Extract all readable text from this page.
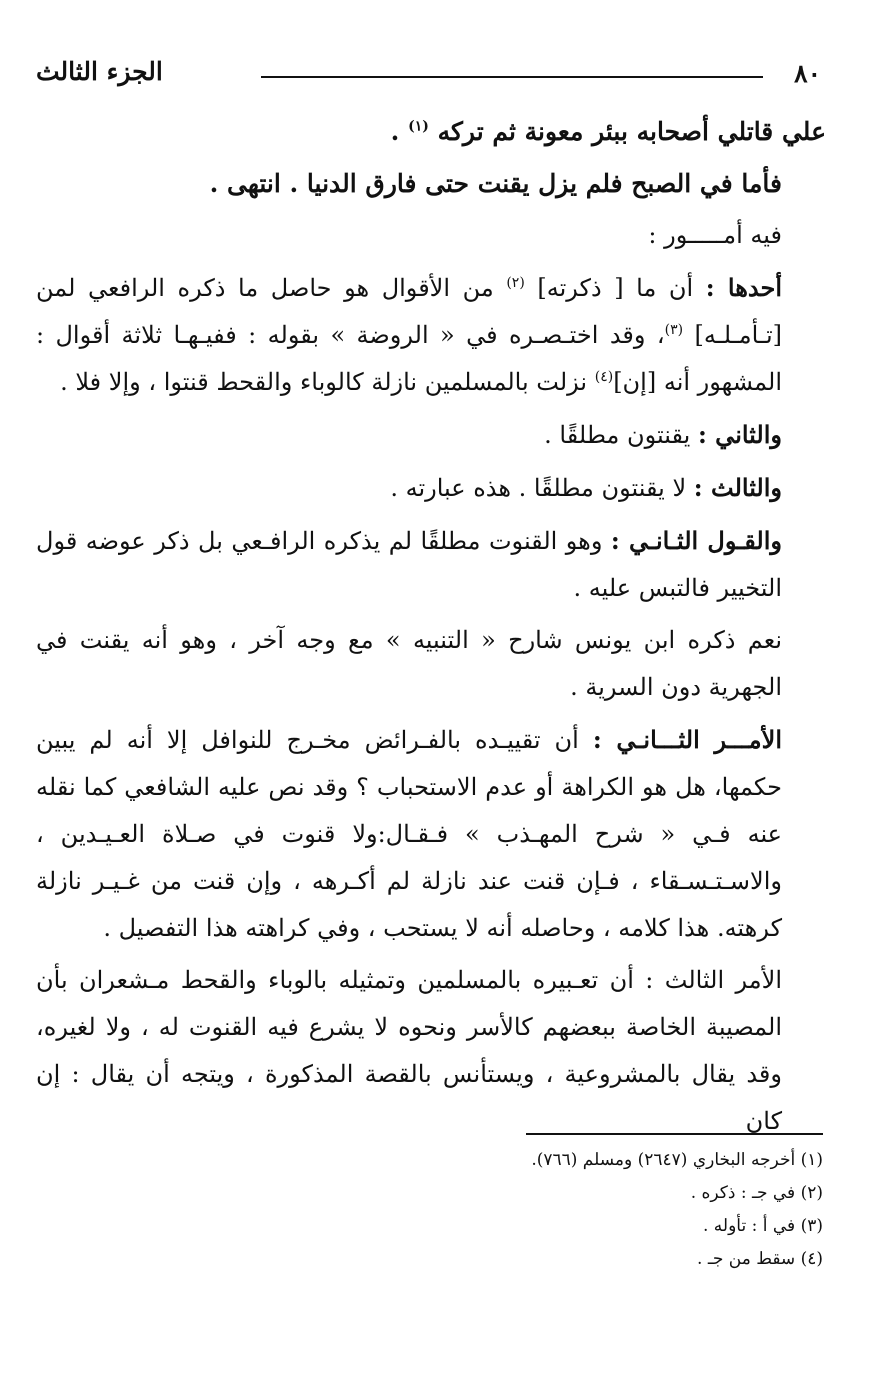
٨٠
الجزء الثالث

علي قاتلي أصحابه ببئر معونة ثم تركه $^{(١)}$ .

فأما في الصبح فلم يزل يقنت حتى فارق الدنيا . انتهى .

فيه أمـــــور :

أحدها : أن ما [ ذكرته] $^{(٢)}$ من الأقوال هو حاصل ما ذكره الرافعي لمن [تـأمـلـه] $^{(٣)}$، وقد اختـصـره في « الروضة » بقوله : ففيـهـا ثلاثة أقوال : المشهور أنه [إن]$^{(٤)}$ نزلت بالمسلمين نازلة كالوباء والقحط قنتوا ، وإلا فلا .

والثاني : يقنتون مطلقًا .

والثالث : لا يقنتون مطلقًا . هذه عبارته .

والقـول الثـانـي : وهو القنوت مطلقًا لم يذكره الرافـعي بل ذكر عوضه قول التخيير فالتبس عليه .

نعم ذكره ابن يونس شارح « التنبيه » مع وجه آخر ، وهو أنه يقنت في الجهرية دون السرية .

الأمـــر الثـــانـي : أن تقييـده بالفـرائض مخـرج للنوافل إلا أنه لم يبين حكمها، هل هو الكراهة أو عدم الاستحباب ؟ وقد نص عليه الشافعي كما نقله عنه فـي « شرح المهـذب » فـقـال:ولا قنوت في صـلاة العـيـدين ، والاسـتـسـقاء ، فـإن قنت عند نازلة لم أكـرهه ، وإن قنت من غـيـر نازلة كرهته. هذا كلامه ، وحاصله أنه لا يستحب ، وفي كراهته هذا التفصيل .

الأمر الثالث : أن تعـبيره بالمسلمين وتمثيله بالوباء والقحط مـشعران بأن المصيبة الخاصة ببعضهم كالأسر ونحوه لا يشرع فيه القنوت له ، ولا لغيره، وقد يقال بالمشروعية ، ويستأنس بالقصة المذكورة ، ويتجه أن يقال : إن كان

(١) أخرجه البخاري (٢٦٤٧) ومسلم (٧٦٦).

(٢) في جـ : ذكره .

(٣) في أ : تأوله .

(٤) سقط من جـ .
